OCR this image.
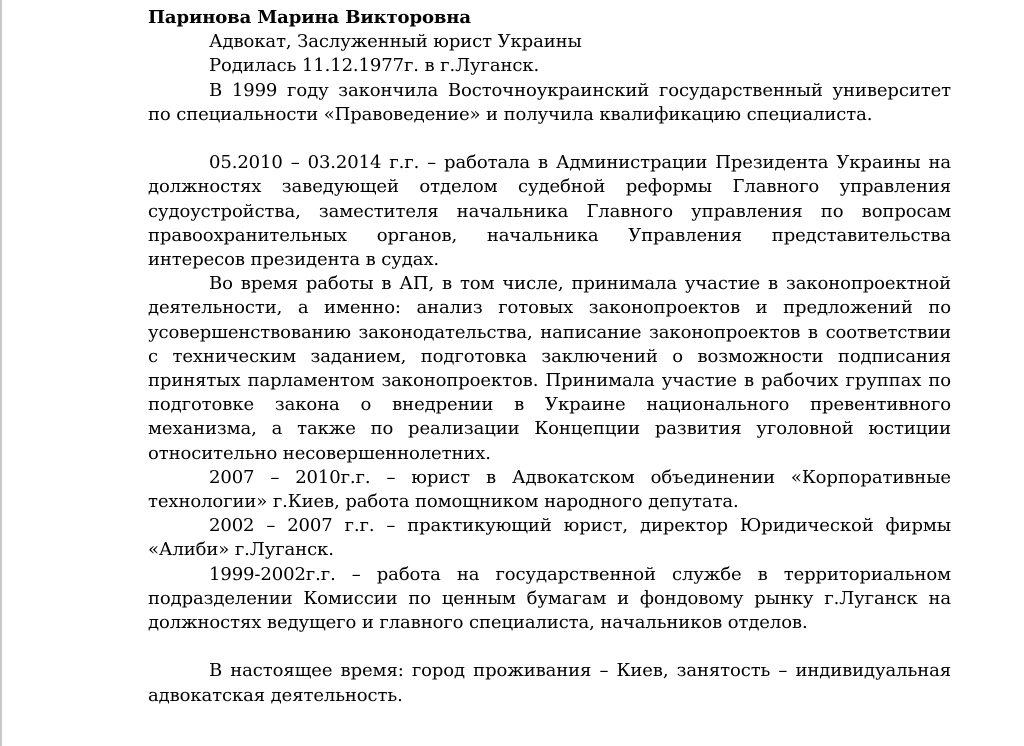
Паринова Марина Викторовна

Адвокат, Заслуженный юрист Украины

Родилась 11.12.1977г. в г.Луганск.

В 1999 году закончила Восточноукраинский государственный университет по специальности «Правоведение» и получила квалификацию специалиста.

05.2010 – 03.2014 г.г. – работала в Администрации Президента Украины на должностях заведующей отделом судебной реформы Главного управления судоустройства, заместителя начальника Главного управления по вопросам правоохранительных органов, начальника Управления представительства интересов президента в судах.

Во время работы в АП, в том числе, принимала участие в законопроектной деятельности, а именно: анализ готовых законопроектов и предложений по усовершенствованию законодательства, написание законопроектов в соответствии с техническим заданием, подготовка заключений о возможности подписания принятых парламентом законопроектов. Принимала участие в рабочих группах по подготовке закона о внедрении в Украине национального превентивного механизма, а также по реализации Концепции развития уголовной юстиции относительно несовершеннолетних.

2007 – 2010г.г. – юрист в Адвокатском объединении «Корпоративные технологии» г.Киев, работа помощником народного депутата.

2002 – 2007 г.г. – практикующий юрист, директор Юридической фирмы «Алиби» г.Луганск.

1999-2002г.г. – работа на государственной службе в территориальном подразделении Комиссии по ценным бумагам и фондовому рынку г.Луганск на должностях ведущего и главного специалиста, начальников отделов.

В настоящее время: город проживания – Киев, занятость – индивидуальная адвокатская деятельность.
